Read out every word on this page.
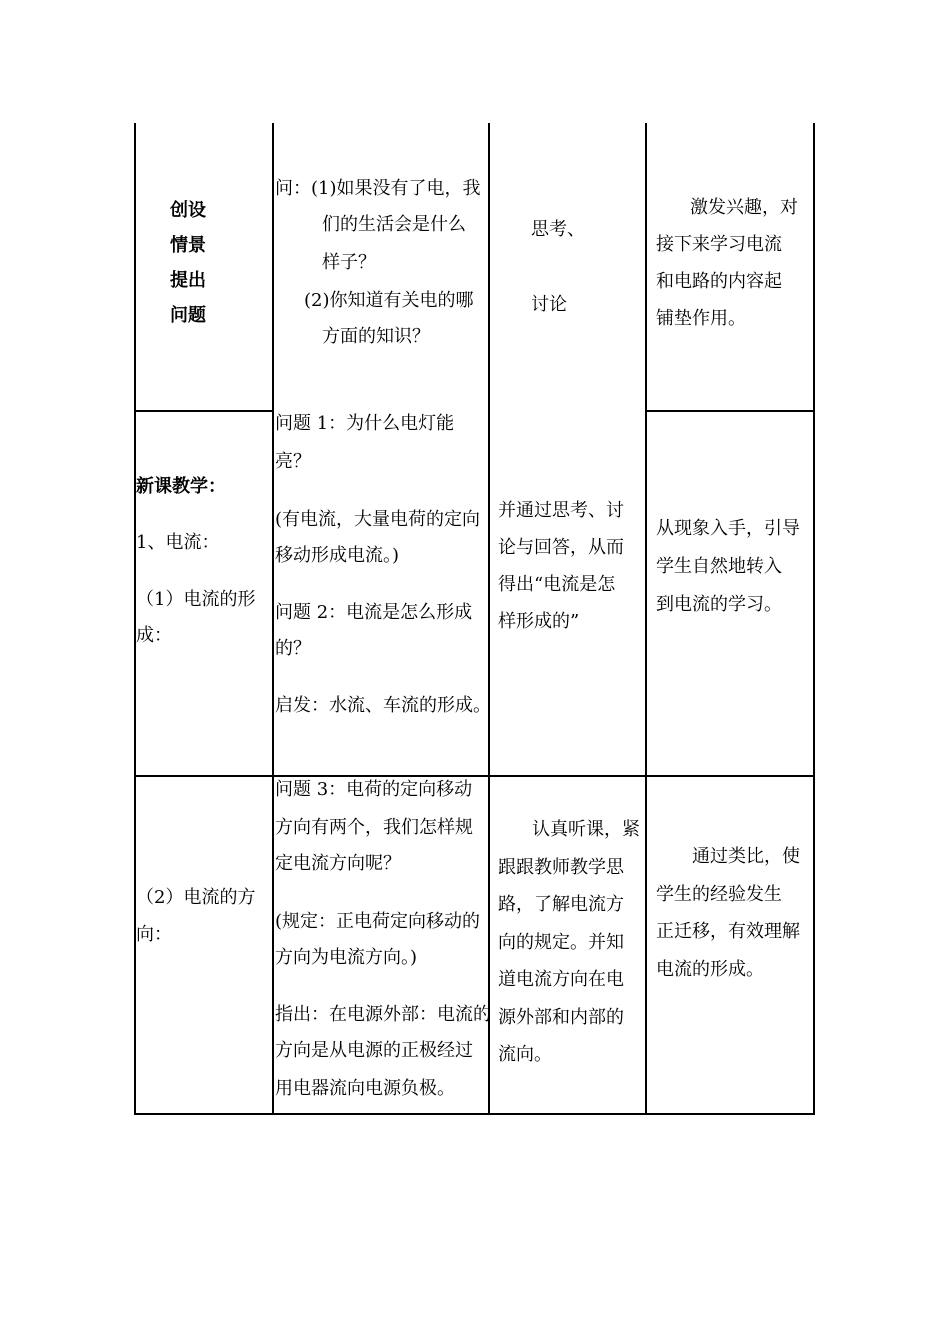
创设

情景

提出

问题

问：(1)如果没有了电，我
们的生活会是什么
样子？
(2)你知道有关电的哪
方面的知识？
思考、
讨论

激发兴趣，对

接下来学习电流

和电路的内容起

铺垫作用。

新课教学：
1、电流：
（1）电流的形
成：
问题 1：为什么电灯能
亮？
(有电流，大量电荷的定向
移动形成电流。)
问题 2：电流是怎么形成
的？
启发：水流、车流的形成。

并通过思考、讨

论与回答，从而

得出“电流是怎

样形成的”

从现象入手，引导

学生自然地转入

到电流的学习。

（2）电流的方
向：
问题 3：电荷的定向移动
方向有两个，我们怎样规
定电流方向呢？
(规定：正电荷定向移动的
方向为电流方向。)
指出：在电源外部：电流的
方向是从电源的正极经过
用电器流向电源负极。

认真听课，紧

跟跟教师教学思

路，了解电流方

向的规定。并知

道电流方向在电

源外部和内部的

流向。

通过类比，使

学生的经验发生

正迁移，有效理解

电流的形成。
